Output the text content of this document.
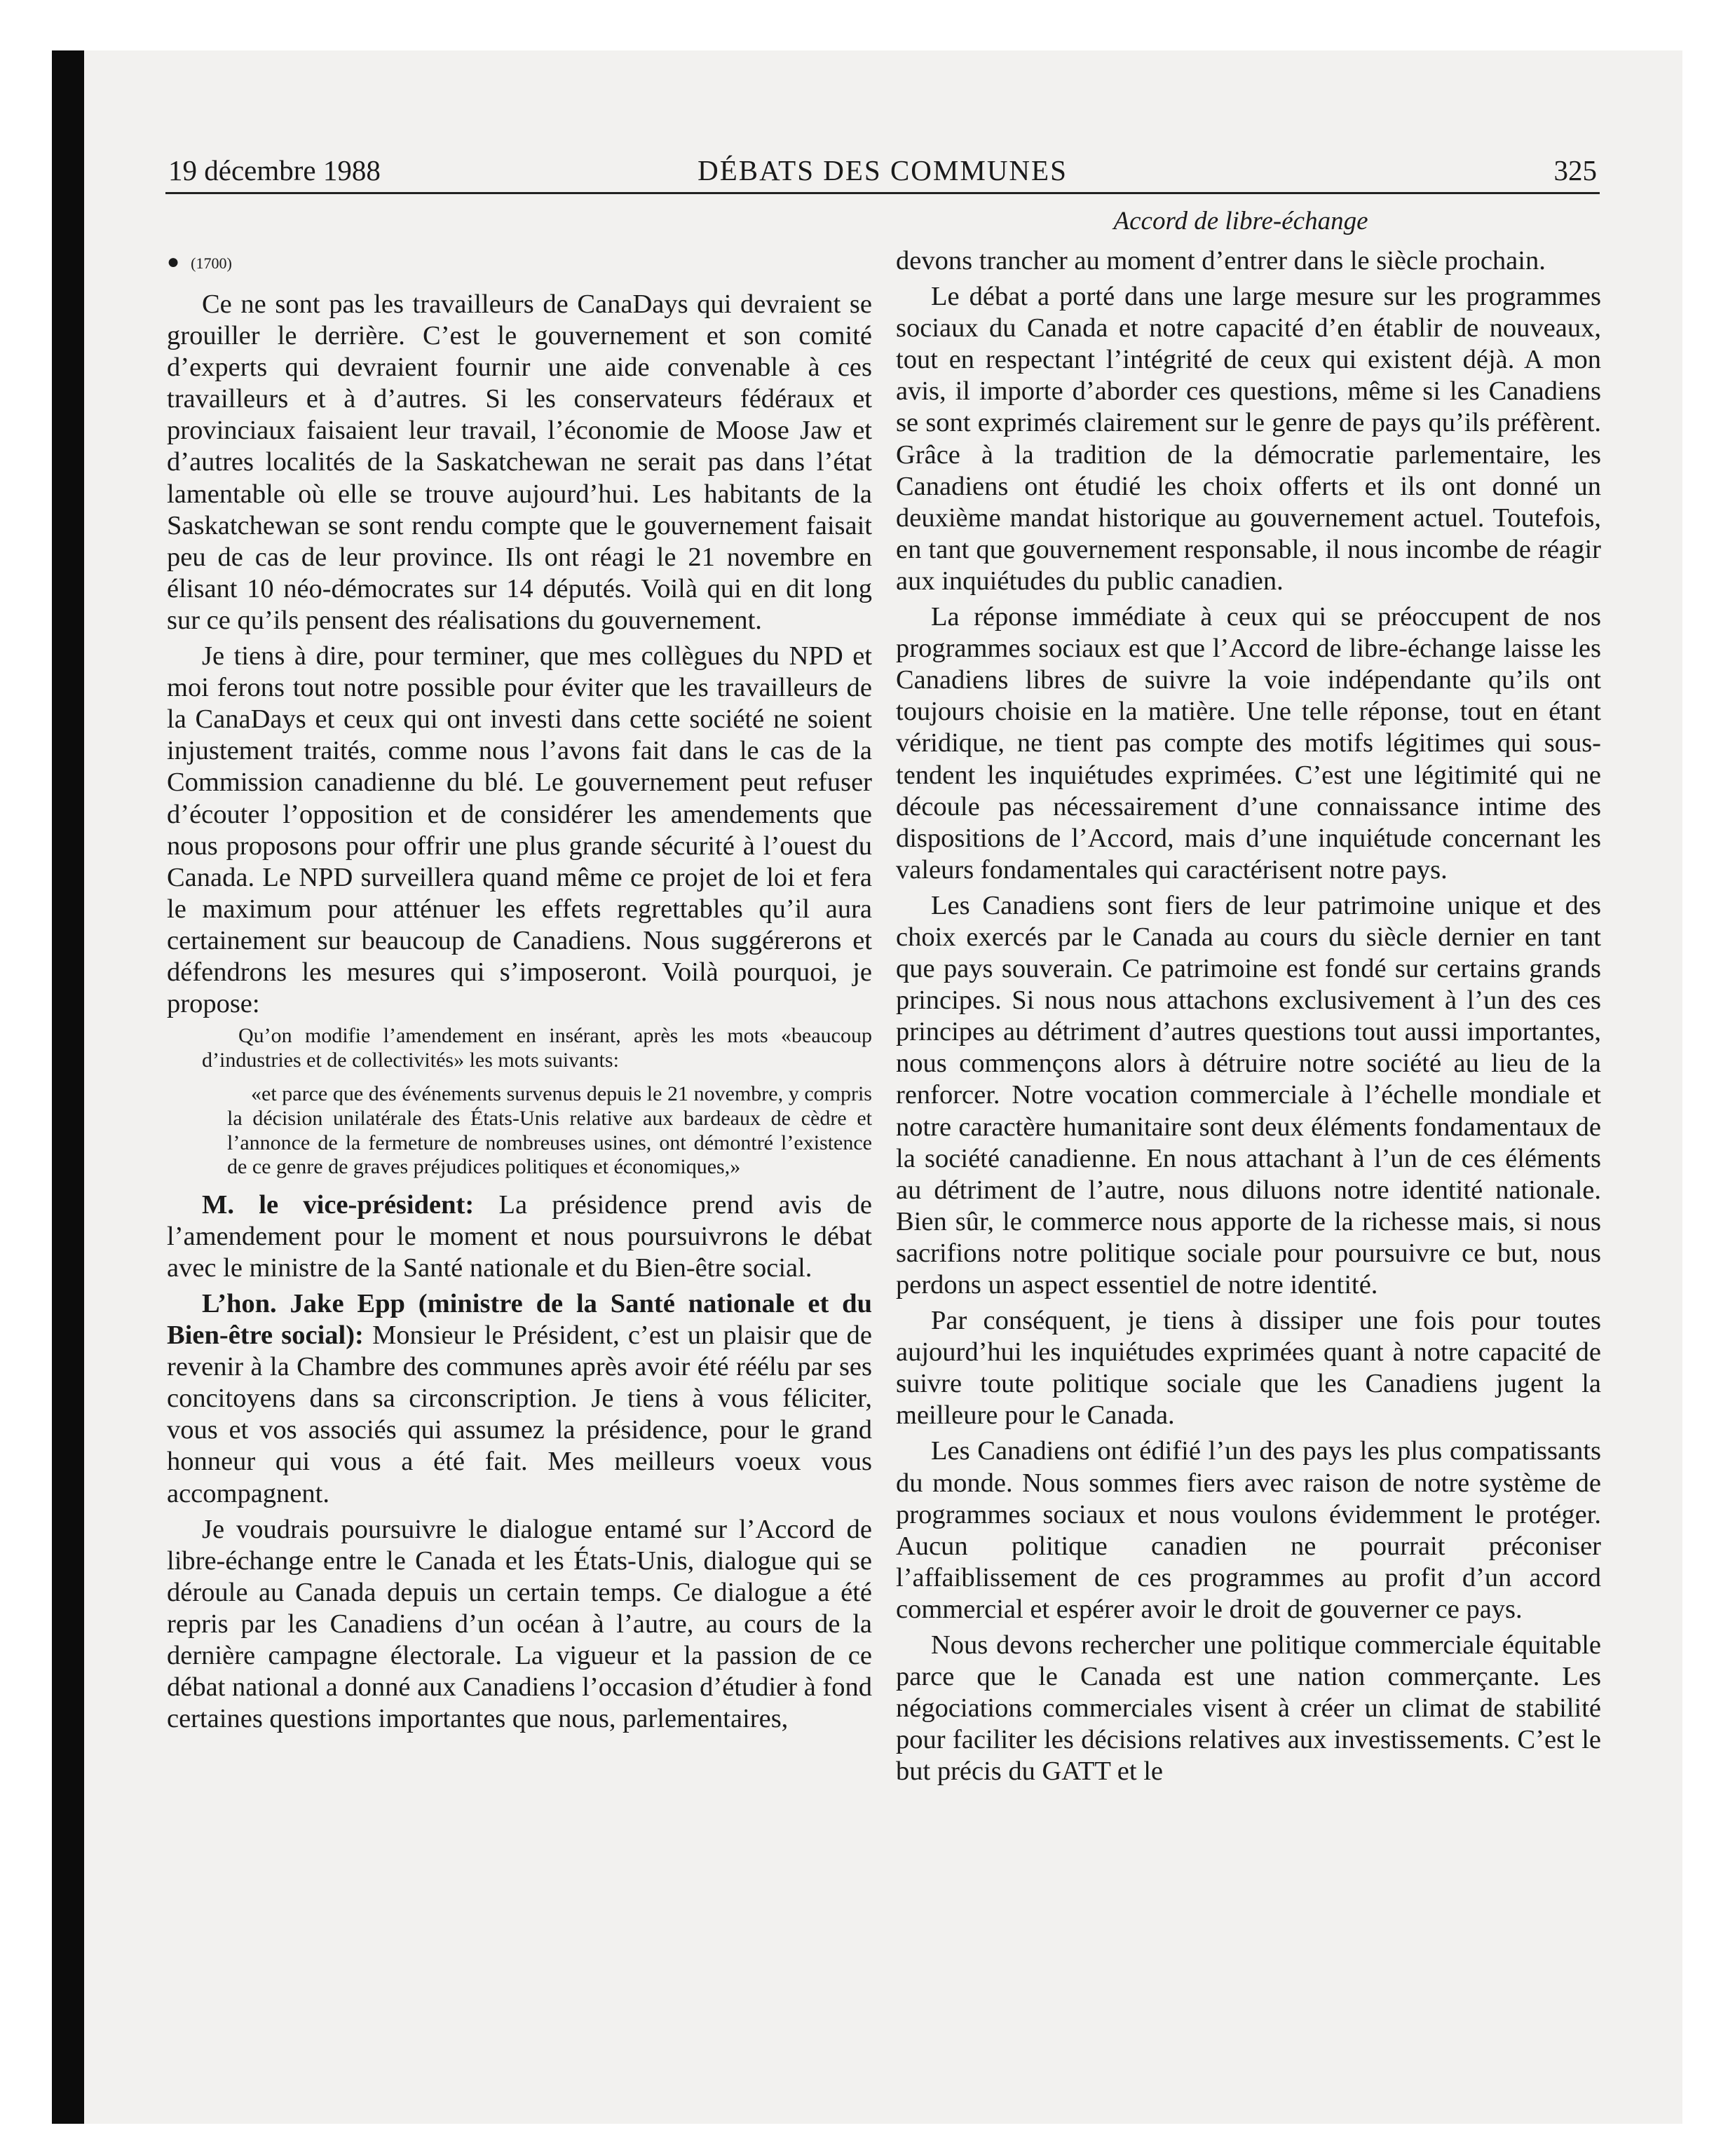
19 décembre 1988	DÉBATS DES COMMUNES	325
Accord de libre-échange
● (1700)

Ce ne sont pas les travailleurs de CanaDays qui devraient se grouiller le derrière. C’est le gouvernement et son comité d’experts qui devraient fournir une aide convenable à ces travailleurs et à d’autres. Si les conservateurs fédéraux et provinciaux faisaient leur travail, l’économie de Moose Jaw et d’autres localités de la Saskatchewan ne serait pas dans l’état lamentable où elle se trouve aujourd’hui. Les habitants de la Saskatchewan se sont rendu compte que le gouvernement faisait peu de cas de leur province. Ils ont réagi le 21 novembre en élisant 10 néo-démocrates sur 14 députés. Voilà qui en dit long sur ce qu’ils pensent des réalisations du gouvernement.

Je tiens à dire, pour terminer, que mes collègues du NPD et moi ferons tout notre possible pour éviter que les travailleurs de la CanaDays et ceux qui ont investi dans cette société ne soient injustement traités, comme nous l’avons fait dans le cas de la Commission canadienne du blé. Le gouvernement peut refuser d’écouter l’opposition et de considérer les amendements que nous proposons pour offrir une plus grande sécurité à l’ouest du Canada. Le NPD surveillera quand même ce projet de loi et fera le maximum pour atténuer les effets regrettables qu’il aura certainement sur beaucoup de Canadiens. Nous suggérerons et défendrons les mesures qui s’imposeront. Voilà pourquoi, je propose:

Qu’on modifie l’amendement en insérant, après les mots «beaucoup d’industries et de collectivités» les mots suivants:
«et parce que des événements survenus depuis le 21 novembre, y compris la décision unilatérale des États-Unis relative aux bardeaux de cèdre et l’annonce de la fermeture de nombreuses usines, ont démontré l’existence de ce genre de graves préjudices politiques et économiques,»

M. le vice-président: La présidence prend avis de l’amendement pour le moment et nous poursuivrons le débat avec le ministre de la Santé nationale et du Bien-être social.

L’hon. Jake Epp (ministre de la Santé nationale et du Bien-être social): Monsieur le Président, c’est un plaisir que de revenir à la Chambre des communes après avoir été réélu par ses concitoyens dans sa circonscription. Je tiens à vous féliciter, vous et vos associés qui assumez la présidence, pour le grand honneur qui vous a été fait. Mes meilleurs voeux vous accompagnent.

Je voudrais poursuivre le dialogue entamé sur l’Accord de libre-échange entre le Canada et les États-Unis, dialogue qui se déroule au Canada depuis un certain temps. Ce dialogue a été repris par les Canadiens d’un océan à l’autre, au cours de la dernière campagne électorale. La vigueur et la passion de ce débat national a donné aux Canadiens l’occasion d’étudier à fond certaines questions importantes que nous, parlementaires,

devons trancher au moment d’entrer dans le siècle prochain.

Le débat a porté dans une large mesure sur les programmes sociaux du Canada et notre capacité d’en établir de nouveaux, tout en respectant l’intégrité de ceux qui existent déjà. A mon avis, il importe d’aborder ces questions, même si les Canadiens se sont exprimés clairement sur le genre de pays qu’ils préfèrent. Grâce à la tradition de la démocratie parlementaire, les Canadiens ont étudié les choix offerts et ils ont donné un deuxième mandat historique au gouvernement actuel. Toutefois, en tant que gouvernement responsable, il nous incombe de réagir aux inquiétudes du public canadien.

La réponse immédiate à ceux qui se préoccupent de nos programmes sociaux est que l’Accord de libre-échange laisse les Canadiens libres de suivre la voie indépendante qu’ils ont toujours choisie en la matière. Une telle réponse, tout en étant véridique, ne tient pas compte des motifs légitimes qui sous-tendent les inquiétudes exprimées. C’est une légitimité qui ne découle pas nécessairement d’une connaissance intime des dispositions de l’Accord, mais d’une inquiétude concernant les valeurs fondamentales qui caractérisent notre pays.

Les Canadiens sont fiers de leur patrimoine unique et des choix exercés par le Canada au cours du siècle dernier en tant que pays souverain. Ce patrimoine est fondé sur certains grands principes. Si nous nous attachons exclusivement à l’un des ces principes au détriment d’autres questions tout aussi importantes, nous commençons alors à détruire notre société au lieu de la renforcer. Notre vocation commerciale à l’échelle mondiale et notre caractère humanitaire sont deux éléments fondamentaux de la société canadienne. En nous attachant à l’un de ces éléments au détriment de l’autre, nous diluons notre identité nationale. Bien sûr, le commerce nous apporte de la richesse mais, si nous sacrifions notre politique sociale pour poursuivre ce but, nous perdons un aspect essentiel de notre identité.

Par conséquent, je tiens à dissiper une fois pour toutes aujourd’hui les inquiétudes exprimées quant à notre capacité de suivre toute politique sociale que les Canadiens jugent la meilleure pour le Canada.

Les Canadiens ont édifié l’un des pays les plus compatissants du monde. Nous sommes fiers avec raison de notre système de programmes sociaux et nous voulons évidemment le protéger. Aucun politique canadien ne pourrait préconiser l’affaiblissement de ces programmes au profit d’un accord commercial et espérer avoir le droit de gouverner ce pays.

Nous devons rechercher une politique commerciale équitable parce que le Canada est une nation commerçante. Les négociations commerciales visent à créer un climat de stabilité pour faciliter les décisions relatives aux investissements. C’est le but précis du GATT et le
